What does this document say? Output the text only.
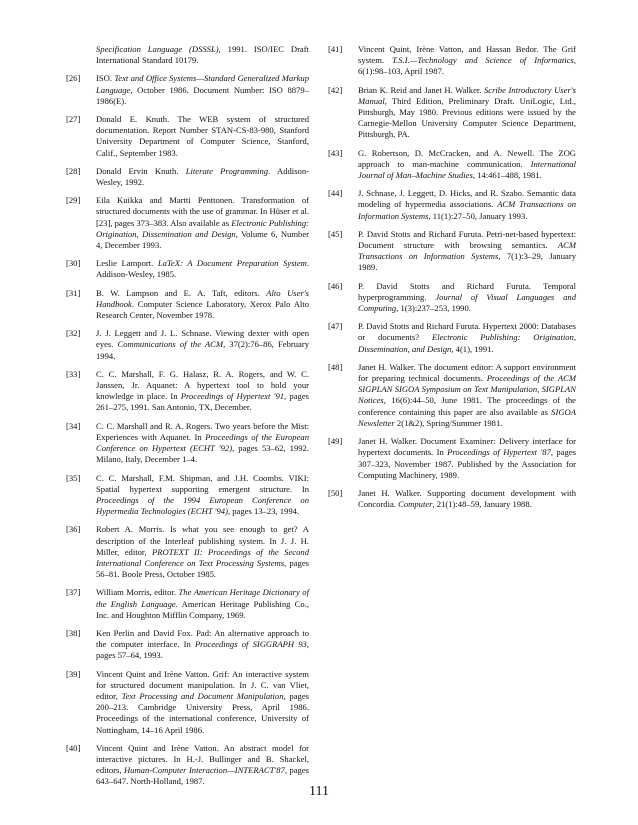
Specification Language (DSSSL), 1991. ISO/IEC Draft International Standard 10179.
[26] ISO. Text and Office Systems—Standard Generalized Markup Language, October 1986. Document Number: ISO 8879–1986(E).
[27] Donald E. Knuth. The WEB system of structured documentation. Report Number STAN-CS-83-980, Stanford University Department of Computer Science, Stanford, Calif., September 1983.
[28] Donald Ervin Knuth. Literate Programming. Addison-Wesley, 1992.
[29] Eila Kuikka and Martti Penttonen. Transformation of structured documents with the use of grammar. In Hüser et al. [23], pages 373–383. Also available as Electronic Publishing: Origination, Dissemination and Design, Volume 6, Number 4, December 1993.
[30] Leslie Lamport. LaTeX: A Document Preparation System. Addison-Wesley, 1985.
[31] B. W. Lampson and E. A. Taft, editors. Alto User's Handbook. Computer Science Laboratory, Xerox Palo Alto Research Center, November 1978.
[32] J. J. Leggett and J. L. Schnase. Viewing dexter with open eyes. Communications of the ACM, 37(2):76–86, February 1994.
[33] C. C. Marshall, F. G. Halasz, R. A. Rogers, and W. C. Janssen, Jr. Aquanet: A hypertext tool to hold your knowledge in place. In Proceedings of Hypertext '91, pages 261–275, 1991. San Antonio, TX, December.
[34] C. C. Marshall and R. A. Rogers. Two years before the Mist: Experiences with Aquanet. In Proceedings of the European Conference on Hypertext (ECHT '92), pages 53–62, 1992. Milano, Italy, December 1–4.
[35] C. C. Marshall, F.M. Shipman, and J.H. Coombs. VIKI: Spatial hypertext supporting emergent structure. In Proceedings of the 1994 European Conference on Hypermedia Technologies (ECHT '94), pages 13–23, 1994.
[36] Robert A. Morris. Is what you see enough to get? A description of the Interleaf publishing system. In J. J. H. Miller, editor, PROTEXT II: Proceedings of the Second International Conference on Text Processing Systems, pages 56–81. Boole Press, October 1985.
[37] William Morris, editor. The American Heritage Dictionary of the English Language. American Heritage Publishing Co., Inc. and Houghton Mifflin Company, 1969.
[38] Ken Perlin and David Fox. Pad: An alternative approach to the computer interface. In Proceedings of SIGGRAPH 93, pages 57–64, 1993.
[39] Vincent Quint and Irène Vatton. Grif: An interactive system for structured document manipulation. In J. C. van Vliet, editor, Text Processing and Document Manipulation, pages 200–213. Cambridge University Press, April 1986. Proceedings of the international conference, University of Nottingham, 14–16 April 1986.
[40] Vincent Quint and Irène Vatton. An abstract model for interactive pictures. In H.-J. Bullinger and B. Shackel, editors, Human-Computer Interaction—INTERACT'87, pages 643–647. North-Holland, 1987.
[41] Vincent Quint, Irène Vatton, and Hassan Bedor. The Grif system. T.S.I.—Technology and Science of Informatics, 6(1):98–103, April 1987.
[42] Brian K. Reid and Janet H. Walker. Scribe Introductory User's Manual, Third Edition, Preliminary Draft. UniLogic, Ltd., Pittsburgh, May 1980. Previous editions were issued by the Carnegie-Mellon University Computer Science Department, Pittsburgh, PA.
[43] G. Robertson, D. McCracken, and A. Newell. The ZOG approach to man-machine communication. International Journal of Man–Machine Studies, 14:461–488, 1981.
[44] J. Schnase, J. Leggett, D. Hicks, and R. Szabo. Semantic data modeling of hypermedia associations. ACM Transactions on Information Systems, 11(1):27–50, January 1993.
[45] P. David Stotts and Richard Furuta. Petri-net-based hypertext: Document structure with browsing semantics. ACM Transactions on Information Systems, 7(1):3–29, January 1989.
[46] P. David Stotts and Richard Furuta. Temporal hyperprogramming. Journal of Visual Languages and Computing, 1(3):237–253, 1990.
[47] P. David Stotts and Richard Furuta. Hypertext 2000: Databases or documents? Electronic Publishing: Origination, Dissemination, and Design, 4(1), 1991.
[48] Janet H. Walker. The document editor: A support environment for preparing technical documents. Proceedings of the ACM SIGPLAN SIGOA Symposium on Text Manipulation, SIGPLAN Notices, 16(6):44–50, June 1981. The proceedings of the conference containing this paper are also available as SIGOA Newsletter 2(1&2), Spring/Summer 1981.
[49] Janet H. Walker. Document Examiner: Delivery interface for hypertext documents. In Proceedings of Hypertext '87, pages 307–323, November 1987. Published by the Association for Computing Machinery, 1989.
[50] Janet H. Walker. Supporting document development with Concordia. Computer, 21(1):48–59, January 1988.
111
